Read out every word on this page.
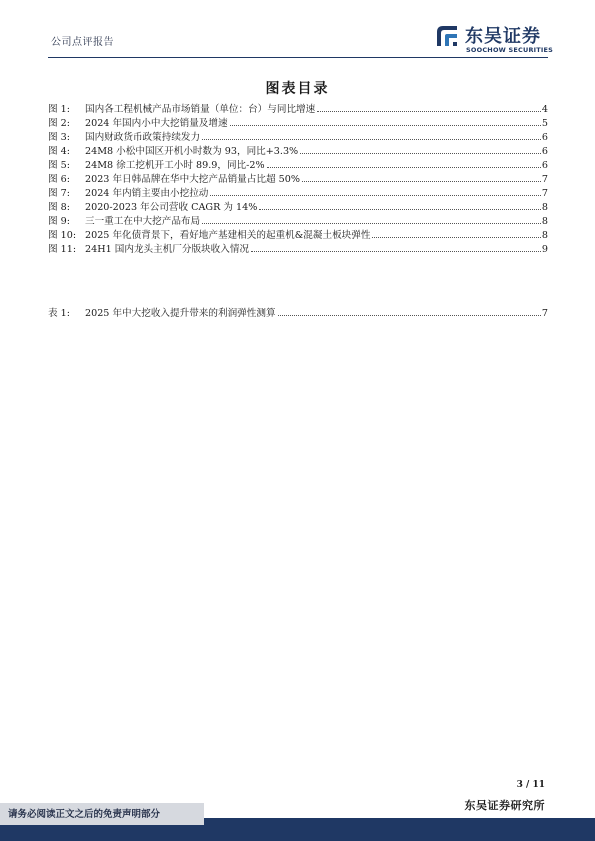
公司点评报告	东吴证券
SOOCHOW SECURITIES
图表目录
图 1:	国内各工程机械产品市场销量（单位：台）与同比增速	4
图 2:	2024 年国内小中大挖销量及增速	5
图 3:	国内财政货币政策持续发力	6
图 4:	24M8 小松中国区开机小时数为 93，同比+3.3%	6
图 5:	24M8 徐工挖机开工小时 89.9，同比-2%	6
图 6:	2023 年日韩品牌在华中大挖产品销量占比超 50%	7
图 7:	2024 年内销主要由小挖拉动	7
图 8:	2020-2023 年公司营收 CAGR 为 14%	8
图 9:	三一重工在中大挖产品布局	8
图 10: 2025 年化债背景下，看好地产基建相关的起重机&混凝土板块弹性	8
图 11: 24H1 国内龙头主机厂分版块收入情况	9
表 1:	2025 年中大挖收入提升带来的利润弹性测算	7
3 / 11
东吴证券研究所
请务必阅读正文之后的免责声明部分
